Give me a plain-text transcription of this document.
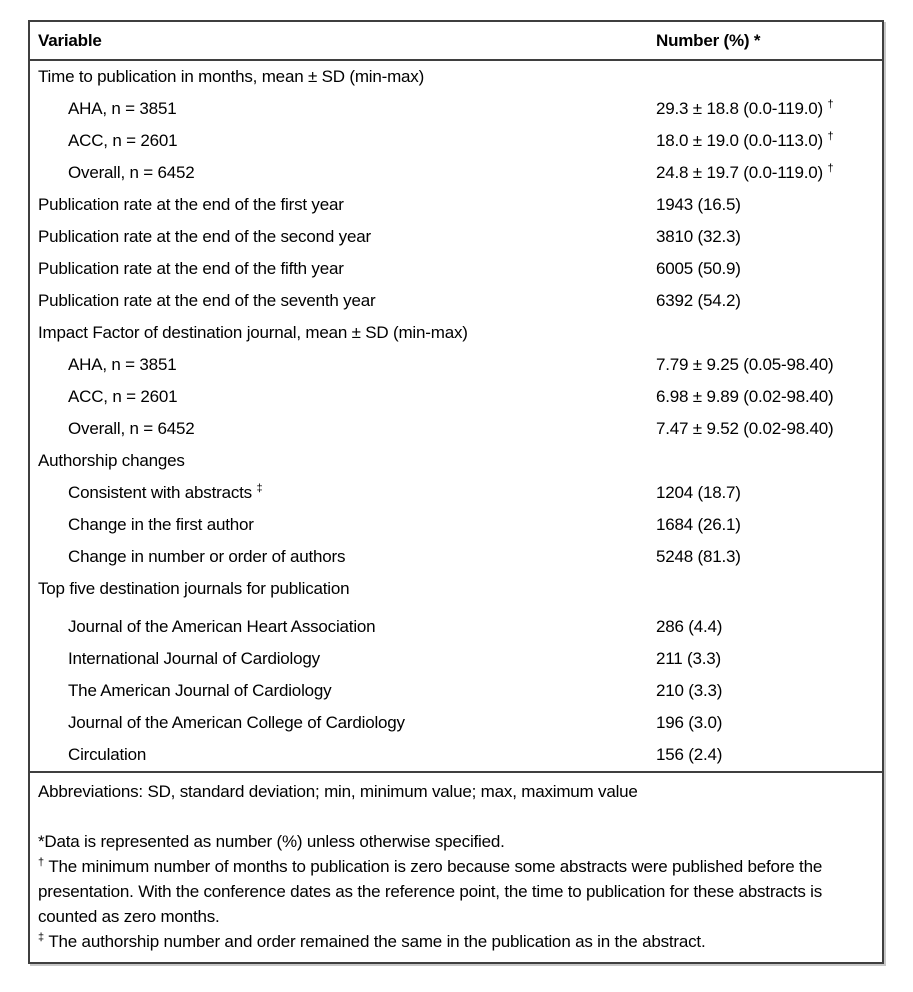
Variable	Number (%) *
Time to publication in months, mean ± SD (min-max)	
AHA, n = 3851	29.3 ± 18.8 (0.0-119.0) †
ACC, n = 2601	18.0 ± 19.0 (0.0-113.0) †
Overall, n = 6452	24.8 ± 19.7 (0.0-119.0) †
Publication rate at the end of the first year	1943 (16.5)
Publication rate at the end of the second year	3810 (32.3)
Publication rate at the end of the fifth year	6005 (50.9)
Publication rate at the end of the seventh year	6392 (54.2)
Impact Factor of destination journal, mean ± SD (min-max)	
AHA, n = 3851	7.79 ± 9.25 (0.05-98.40)
ACC, n = 2601	6.98 ± 9.89 (0.02-98.40)
Overall, n = 6452	7.47 ± 9.52 (0.02-98.40)
Authorship changes	
Consistent with abstracts ‡	1204 (18.7)
Change in the first author	1684 (26.1)
Change in number or order of authors	5248 (81.3)
Top five destination journals for publication	
Journal of the American Heart Association	286 (4.4)
International Journal of Cardiology	211 (3.3)
The American Journal of Cardiology	210 (3.3)
Journal of the American College of Cardiology	196 (3.0)
Circulation	156 (2.4)

Abbreviations: SD, standard deviation; min, minimum value; max, maximum value
*Data is represented as number (%) unless otherwise specified.
† The minimum number of months to publication is zero because some abstracts were published before the presentation. With the conference dates as the reference point, the time to publication for these abstracts is counted as zero months.
‡ The authorship number and order remained the same in the publication as in the abstract.	
